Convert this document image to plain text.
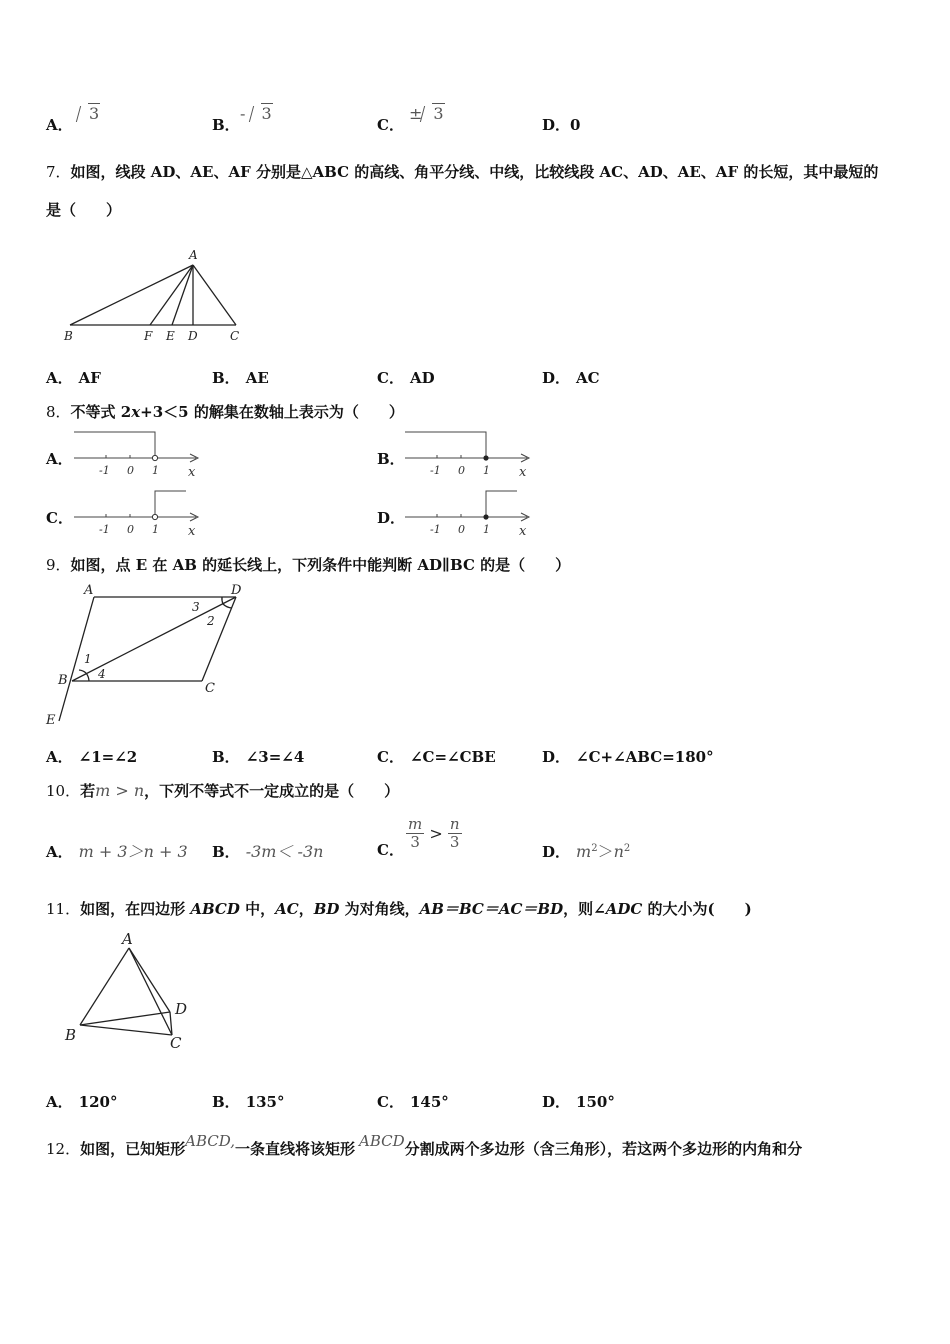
A．
3
B．
- 3
C．
± 3
D．0
7．如图，线段 AD、AE、AF 分别是△ABC 的高线、角平分线、中线，比较线段 AC、AD、AE、AF 的长短，其中最短的
是（　　）
A
B	F E D	C
A． AF	B． AE	C． AD	D． AC
8．不等式 2x+3＜5 的解集在数轴上表示为（　　）
A．
-1 0 1 x
B．
-1 0 1 x
C．
-1 0 1 x
D．
-1 0 1 x
9．如图，点 E 在 AB 的延长线上，下列条件中能判断 AD∥BC 的是（　　）
A	D
B
C
E
1
2
3
4
A． ∠1=∠2	B． ∠3=∠4	C． ∠C=∠CBE	D． ∠C+∠ABC=180°
10．若m > n，下列不等式不一定成立的是（　　）
A． m + 3＞n + 3 B． -3m＜ -3n	C． $\frac{m}{3} > \frac{n}{3}$
D． $m^2>n^2$
11．如图，在四边形 ABCD 中，AC，BD 为对角线，AB＝BC＝AC＝BD，则∠ADC 的大小为(　　)
A
B	C
D
A． 120°	B． 135°	C． 145°	D． 150°
12．如图，已知矩形ABCD,一条直线将该矩形 ABCD分割成两个多边形（含三角形），若这两个多边形的内角和分
